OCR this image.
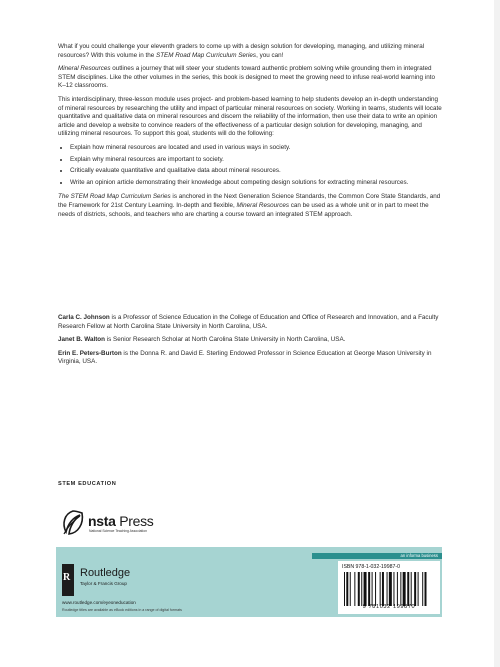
What if you could challenge your eleventh graders to come up with a design solution for developing, managing, and utilizing mineral resources? With this volume in the STEM Road Map Curriculum Series, you can!

Mineral Resources outlines a journey that will steer your students toward authentic problem solving while grounding them in integrated STEM disciplines. Like the other volumes in the series, this book is designed to meet the growing need to infuse real-world learning into K–12 classrooms.

This interdisciplinary, three-lesson module uses project- and problem-based learning to help students develop an in-depth understanding of mineral resources by researching the utility and impact of particular mineral resources on society. Working in teams, students will locate quantitative and qualitative data on mineral resources and discern the reliability of the information, then use their data to write an opinion article and develop a website to convince readers of the effectiveness of a particular design solution for developing, managing, and utilizing mineral resources. To support this goal, students will do the following:

• Explain how mineral resources are located and used in various ways in society.
• Explain why mineral resources are important to society.
• Critically evaluate quantitative and qualitative data about mineral resources.
• Write an opinion article demonstrating their knowledge about competing design solutions for extracting mineral resources.

The STEM Road Map Curriculum Series is anchored in the Next Generation Science Standards, the Common Core State Standards, and the Framework for 21st Century Learning. In-depth and flexible, Mineral Resources can be used as a whole unit or in part to meet the needs of districts, schools, and teachers who are charting a course toward an integrated STEM approach.

Carla C. Johnson is a Professor of Science Education in the College of Education and Office of Research and Innovation, and a Faculty Research Fellow at North Carolina State University in North Carolina, USA.

Janet B. Walton is Senior Research Scholar at North Carolina State University in North Carolina, USA.

Erin E. Peters-Burton is the Donna R. and David E. Sterling Endowed Professor in Science Education at George Mason University in Virginia, USA.

STEM EDUCATION
nsta Press
National Science Teaching Association
an informa business
R Routledge
Taylor & Francis Group
www.routledge.com/eyeoneducation
Routledge titles are available as eBook editions in a range of digital formats
ISBN 978-1-032-19987-0
9 781032 199870
